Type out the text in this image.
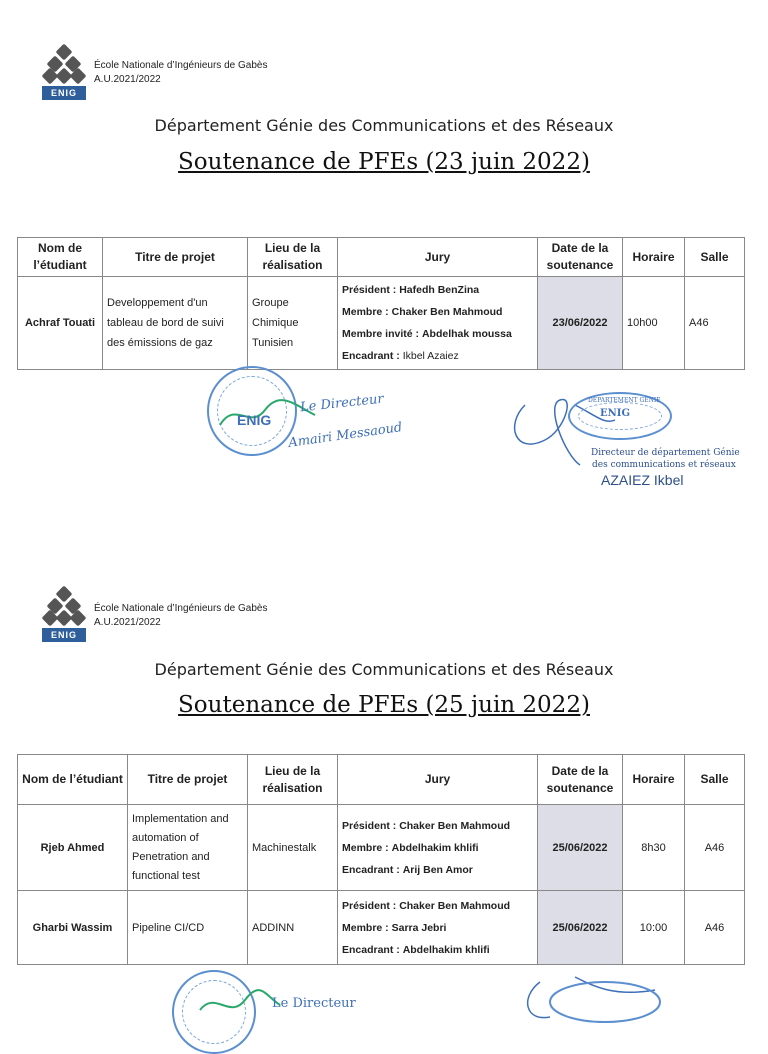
ENIG
École Nationale d’Ingénieurs de Gabès
A.U.2021/2022
Département Génie des Communications et des Réseaux
Soutenance de PFEs (23 juin 2022)
Nom de l’étudiant	Titre de projet	Lieu de la réalisation	Jury	Date de la soutenance	Horaire	Salle
Achraf Touati	Developpement d'un tableau de bord de suivi des émissions de gaz	Groupe Chimique Tunisien	Président : Hafedh BenZina
Membre : Chaker Ben Mahmoud
Membre invité : Abdelhak moussa
Encadrant : Ikbel Azaiez	23/06/2022	10h00	A46
ENIG
Le Directeur
Amairi Messaoud
DEPARTEMENT GÉNIE
ENIG
Directeur de département Génie
des communications et réseaux
AZAIEZ Ikbel
ENIG
École Nationale d’Ingénieurs de Gabès
A.U.2021/2022
Département Génie des Communications et des Réseaux
Soutenance de PFEs (25 juin 2022)
Nom de l’étudiant	Titre de projet	Lieu de la réalisation	Jury	Date de la soutenance	Horaire	Salle
Rjeb Ahmed	Implementation and automation of Penetration and functional test	Machinestalk	Président : Chaker Ben Mahmoud
Membre : Abdelhakim khlifi
Encadrant : Arij Ben Amor	25/06/2022	8h30	A46
Gharbi Wassim	Pipeline CI/CD	ADDINN	Président : Chaker Ben Mahmoud
Membre : Sarra Jebri
Encadrant : Abdelhakim khlifi	25/06/2022	10:00	A46
Le Directeur
